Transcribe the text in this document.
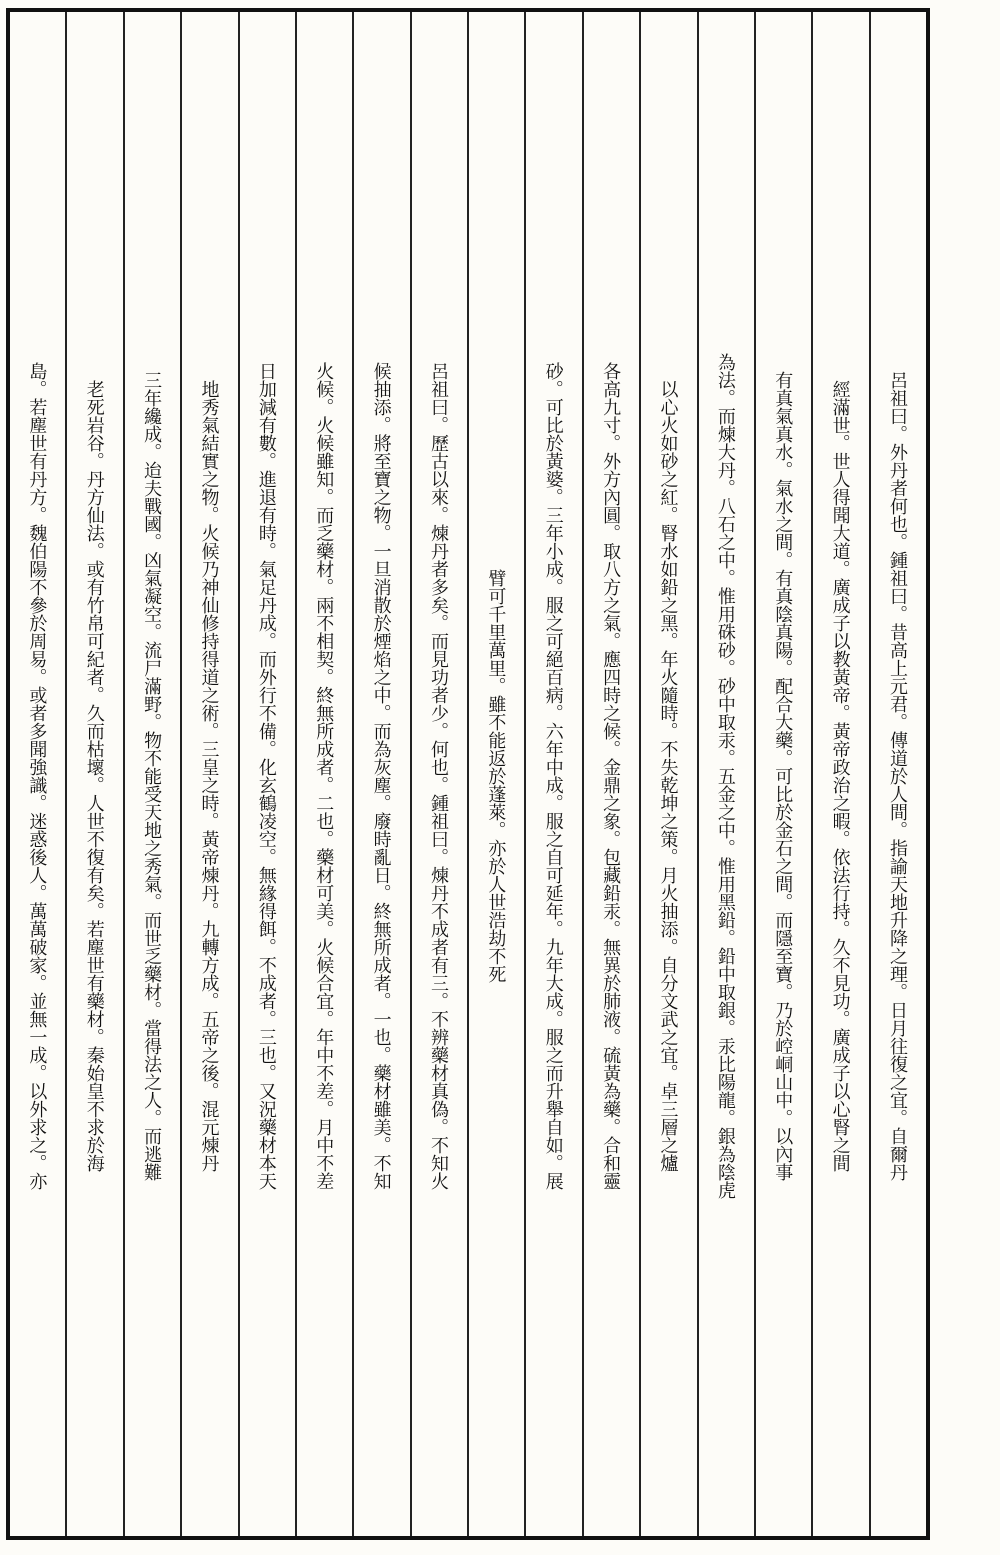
呂祖曰。外丹者何也。鍾祖曰。昔高上元君。傳道於人間。指諭天地升降之理。日月往復之宜。自爾丹
經滿世。世人得聞大道。廣成子以教黃帝。黃帝政治之暇。依法行持。久不見功。廣成子以心腎之間
有真氣真水。氣水之間。有真陰真陽。配合大藥。可比於金石之間。而隱至寶。乃於崆峒山中。以內事
為法。而煉大丹。八石之中。惟用硃砂。砂中取汞。五金之中。惟用黑鉛。鉛中取銀。汞比陽龍。銀為陰虎
以心火如砂之紅。腎水如鉛之黑。年火隨時。不失乾坤之策。月火抽添。自分文武之宜。卓三層之爐
各高九寸。外方內圓。取八方之氣。應四時之候。金鼎之象。包藏鉛汞。無異於肺液。硫黃為藥。合和靈
砂。可比於黃婆。三年小成。服之可絕百病。六年中成。服之自可延年。九年大成。服之而升舉自如。展
臂可千里萬里。雖不能返於蓬萊。亦於人世浩劫不死
呂祖曰。歷古以來。煉丹者多矣。而見功者少。何也。鍾祖曰。煉丹不成者有三。不辨藥材真偽。不知火
候抽添。將至寶之物。一旦消散於煙焰之中。而為灰塵。廢時亂日。終無所成者。一也。藥材雖美。不知
火候。火候雖知。而乏藥材。兩不相契。終無所成者。二也。藥材可美。火候合宜。年中不差。月中不差
日加減有數。進退有時。氣足丹成。而外行不備。化玄鶴凌空。無緣得餌。不成者。三也。又況藥材本天
地秀氣結實之物。火候乃神仙修持得道之術。三皇之時。黃帝煉丹。九轉方成。五帝之後。混元煉丹
三年纔成。迨夫戰國。凶氣凝空。流尸滿野。物不能受天地之秀氣。而世乏藥材。當得法之人。而逃難
老死岩谷。丹方仙法。或有竹帛可紀者。久而枯壞。人世不復有矣。若塵世有藥材。秦始皇不求於海
島。若塵世有丹方。魏伯陽不參於周易。或者多聞強識。迷惑後人。萬萬破家。並無一成。以外求之。亦
